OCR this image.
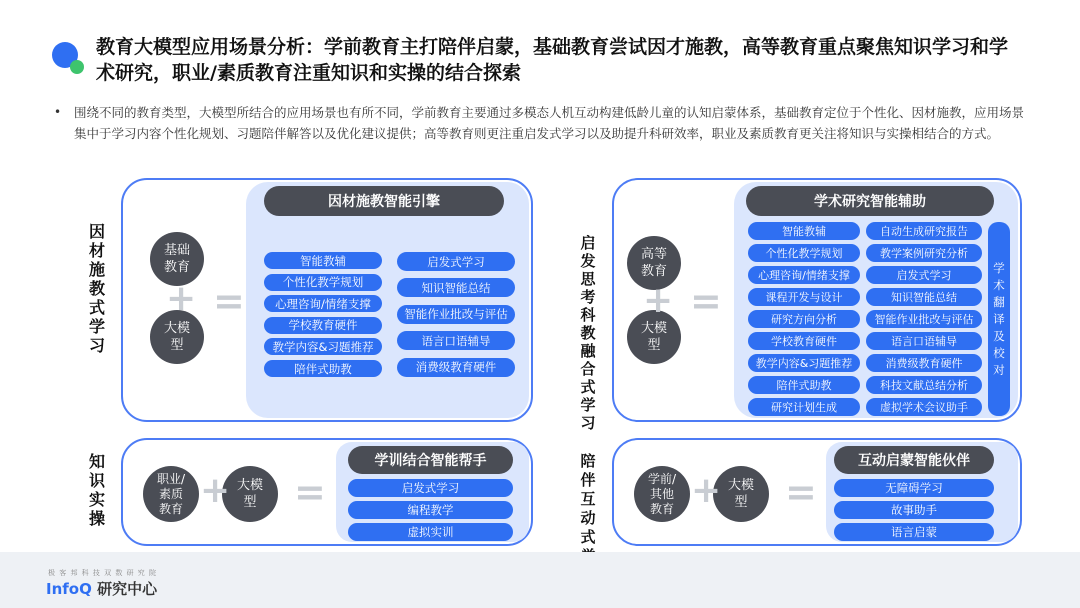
教育大模型应用场景分析：学前教育主打陪伴启蒙，基础教育尝试因才施教，高等教育重点聚焦知识学习和学术研究，职业/素质教育注重知识和实操的结合探索
• 围绕不同的教育类型，大模型所结合的应用场景也有所不同，学前教育主要通过多模态人机互动构建低龄儿童的认知启蒙体系，基础教育定位于个性化、因材施教，应用场景集中于学习内容个性化规划、习题陪伴解答以及优化建议提供；高等教育则更注重启发式学习以及助提升科研效率，职业及素质教育更关注将知识与实操相结合的方式。
因材施教式学习
基础
教育
大模
型
+ =
因材施教智能引擎
智能教辅
个性化教学规划
心理咨询/情绪支撑
学校教育硬件
教学内容&习题推荐
陪伴式助教
启发式学习
知识智能总结
智能作业批改与评估
语言口语辅导
消费级教育硬件
启发思考科教融合式学习
高等
教育
大模
型
+ =
学术研究智能辅助
智能教辅
个性化教学规划
心理咨询/情绪支撑
课程开发与设计
研究方向分析
学校教育硬件
教学内容&习题推荐
陪伴式助教
研究计划生成
自动生成研究报告
教学案例研究分析
启发式学习
知识智能总结
智能作业批改与评估
语言口语辅导
消费级教育硬件
科技文献总结分析
虚拟学术会议助手
学术翻译及校对
知识实操
职业/
素质
教育
大模
型
+ =
学训结合智能帮手
启发式学习
编程教学
虚拟实训
陪伴互动式
学前/
其他
教育
大模
型
+ =
互动启蒙智能伙伴
无障碍学习
故事助手
语言启蒙
极 客 邦 科 技 双 数 研 究 院
InfoQ 研究中心
